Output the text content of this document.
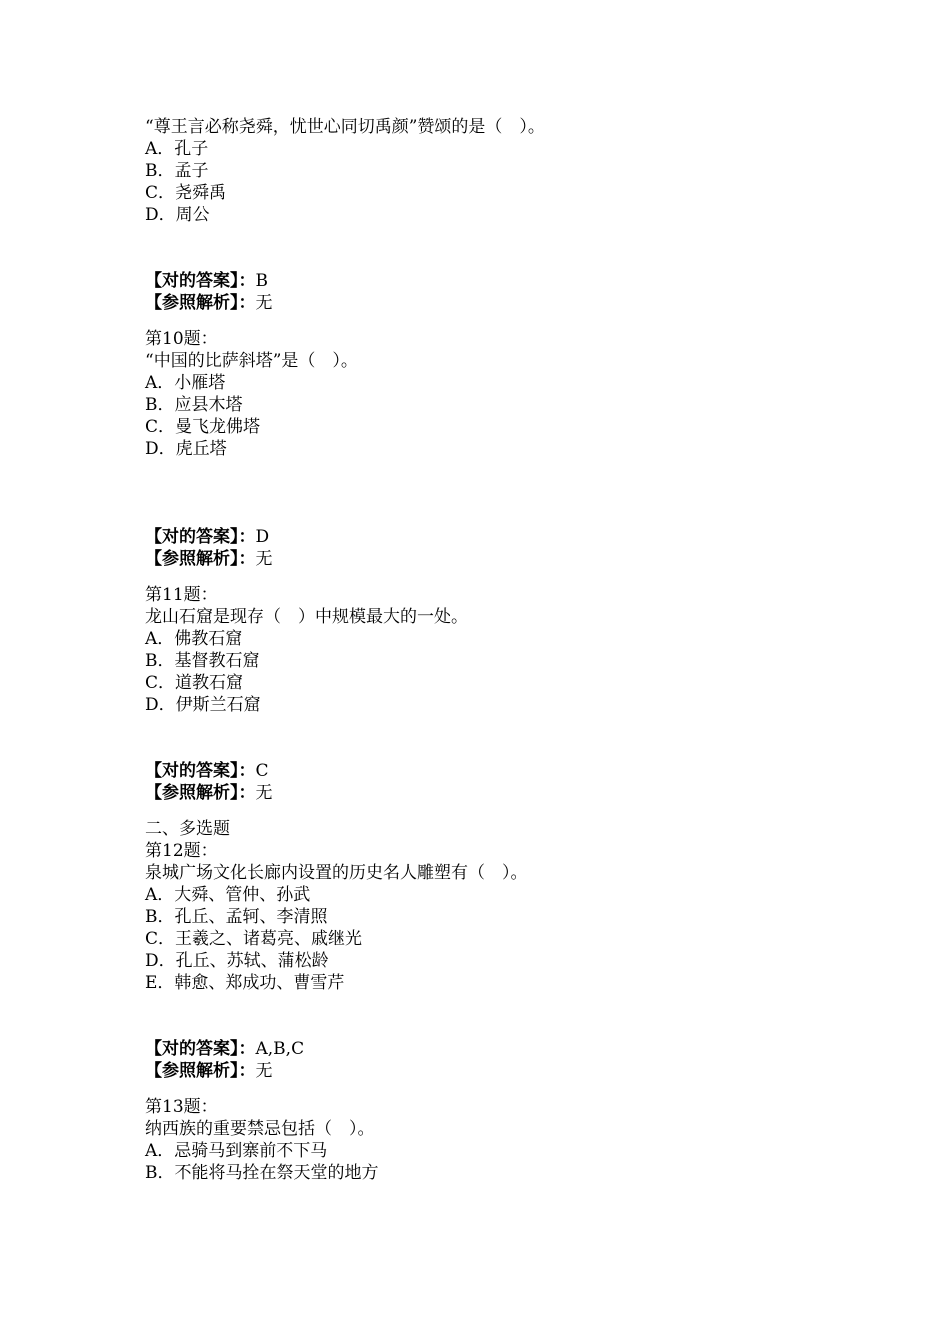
“尊王言必称尧舜，忧世心同切禹颜”赞颂的是（　）。
A．孔子
B．孟子
C．尧舜禹
D．周公
【对的答案】：B
【参照解析】：无
第10题：
“中国的比萨斜塔”是（　）。
A．小雁塔
B．应县木塔
C．曼飞龙佛塔
D．虎丘塔
【对的答案】：D
【参照解析】：无
第11题：
龙山石窟是现存（　）中规模最大的一处。
A．佛教石窟
B．基督教石窟
C．道教石窟
D．伊斯兰石窟
【对的答案】：C
【参照解析】：无
二、多选题
第12题：
泉城广场文化长廊内设置的历史名人雕塑有（　）。
A．大舜、管仲、孙武
B．孔丘、孟轲、李清照
C．王羲之、诸葛亮、戚继光
D．孔丘、苏轼、蒲松龄
E．韩愈、郑成功、曹雪芹
【对的答案】：A,B,C
【参照解析】：无
第13题：
纳西族的重要禁忌包括（　）。
A．忌骑马到寨前不下马
B．不能将马拴在祭天堂的地方
